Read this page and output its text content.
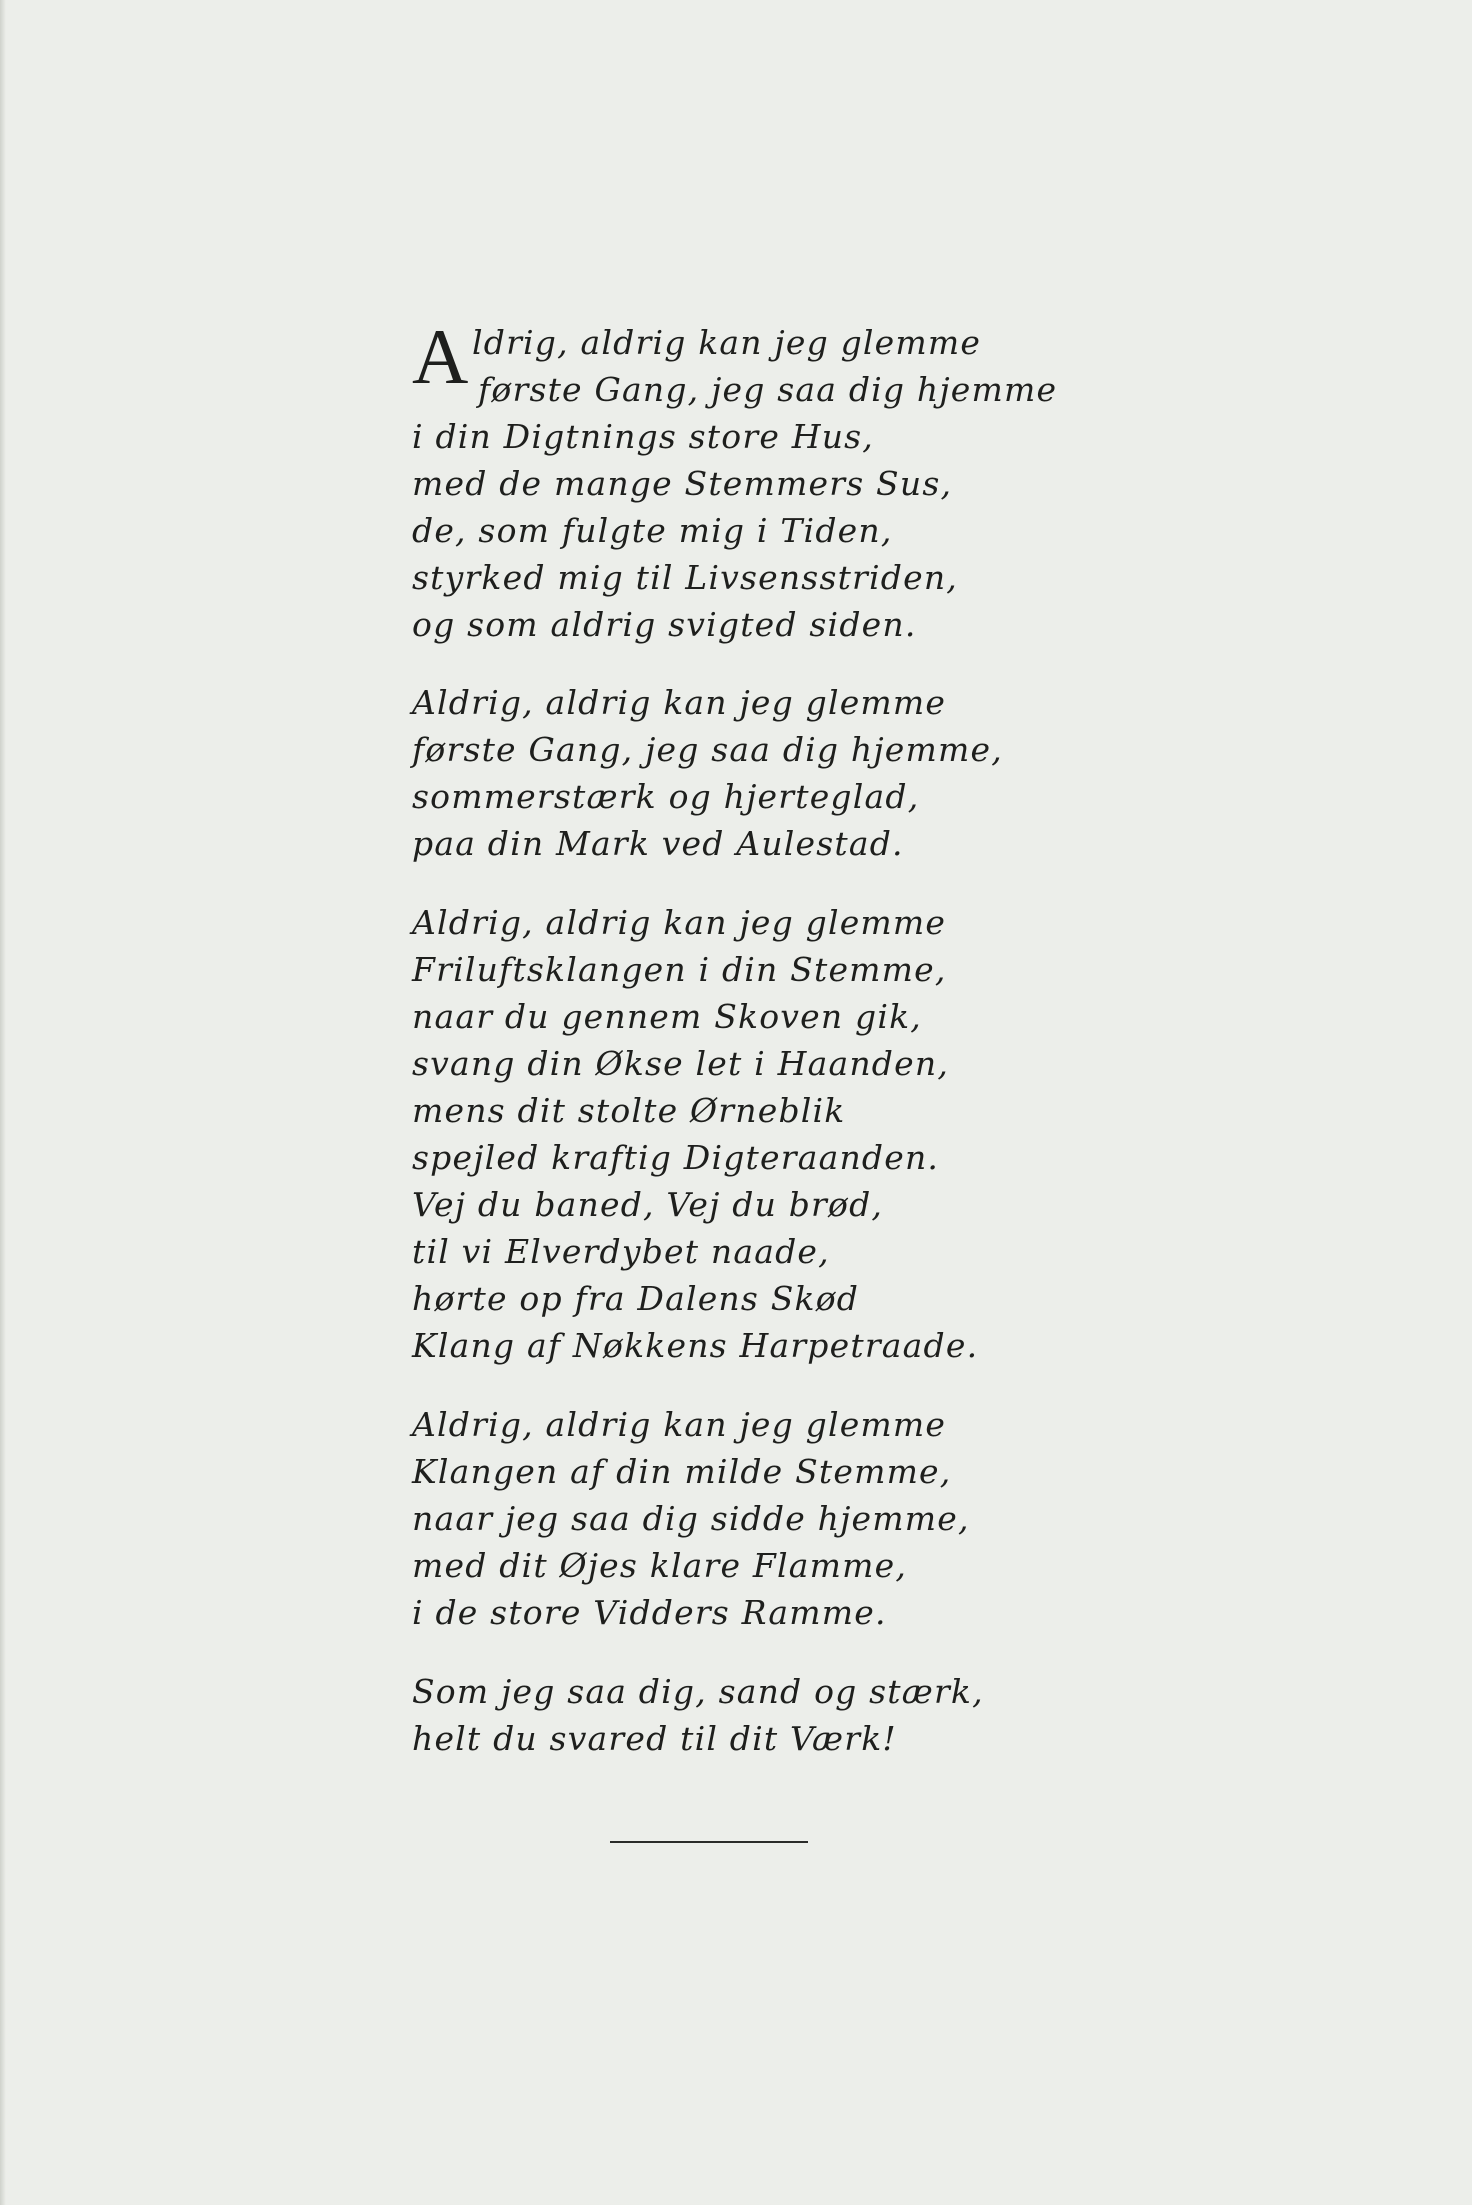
A ldrig, aldrig kan jeg glemme
første Gang, jeg saa dig hjemme
i din Digtnings store Hus,
med de mange Stemmers Sus,
de, som fulgte mig i Tiden,
styrked mig til Livsensstriden,
og som aldrig svigted siden.
Aldrig, aldrig kan jeg glemme
første Gang, jeg saa dig hjemme,
sommerstærk og hjerteglad,
paa din Mark ved Aulestad.
Aldrig, aldrig kan jeg glemme
Friluftsklangen i din Stemme,
naar du gennem Skoven gik,
svang din Økse let i Haanden,
mens dit stolte Ørneblik
spejled kraftig Digteraanden.
Vej du baned, Vej du brød,
til vi Elverdybet naade,
hørte op fra Dalens Skød
Klang af Nøkkens Harpetraade.
Aldrig, aldrig kan jeg glemme
Klangen af din milde Stemme,
naar jeg saa dig sidde hjemme,
med dit Øjes klare Flamme,
i de store Vidders Ramme.
Som jeg saa dig, sand og stærk,
helt du svared til dit Værk!
